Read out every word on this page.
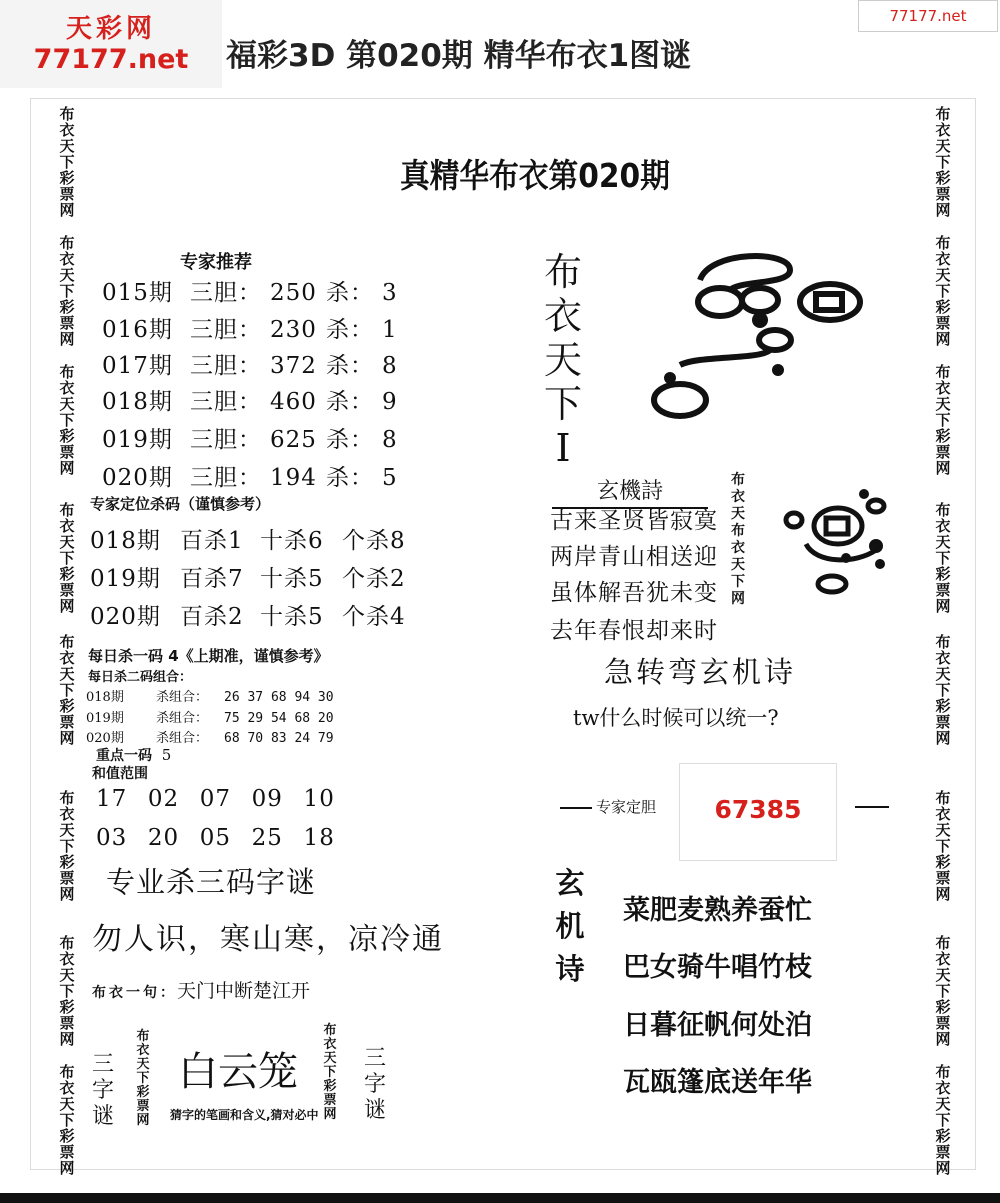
天彩网
77177.net	福彩3D 第020期 精华布衣1图谜
77177.net
布衣天下彩票网
布衣天下彩票网
布衣天下彩票网
布衣天下彩票网
布衣天下彩票网
布衣天下彩票网
布衣天下彩票网
布衣天下彩票网
布衣天下彩票网
布衣天下彩票网
布衣天下彩票网
布衣天下彩票网
布衣天下彩票网
布衣天下彩票网
布衣天下彩票网
布衣天下彩票网
真精华布衣第020期
专家推荐
015期 三胆： 250 杀： 3
016期 三胆： 230 杀： 1
017期 三胆： 372 杀： 8
018期 三胆： 460 杀： 9
019期 三胆： 625 杀： 8
020期 三胆： 194 杀： 5
专家定位杀码（谨慎参考）
018期 百杀1 十杀6 个杀8
019期 百杀7 十杀5 个杀2
020期 百杀2 十杀5 个杀4
每日杀一码 4《上期准，谨慎参考》
每日杀二码组合：
018期 杀组合： 26 37 68 94 30
019期 杀组合： 75 29 54 68 20
020期 杀组合： 68 70 83 24 79
重点一码 5
和值范围
17  02  07  09  10
03  20  05  25  18
专业杀三码字谜
勿人识，寒山寒，凉冷通
布衣一句：天门中断楚江开
三字谜
布衣天下彩票网
白云笼
猜字的笔画和含义,猜对必中
布衣天下彩票网
三字谜
布衣天下I
玄機詩
古来圣贤皆寂寞
两岸青山相送迎
虽体解吾犹未变
去年春恨却来时
布衣天布衣天下网
急转弯玄机诗
tw什么时候可以统一?
专家定胆	67385
玄机诗
菜肥麦熟养蚕忙
巴女骑牛唱竹枝
日暮征帆何处泊
瓦瓯篷底送年华
